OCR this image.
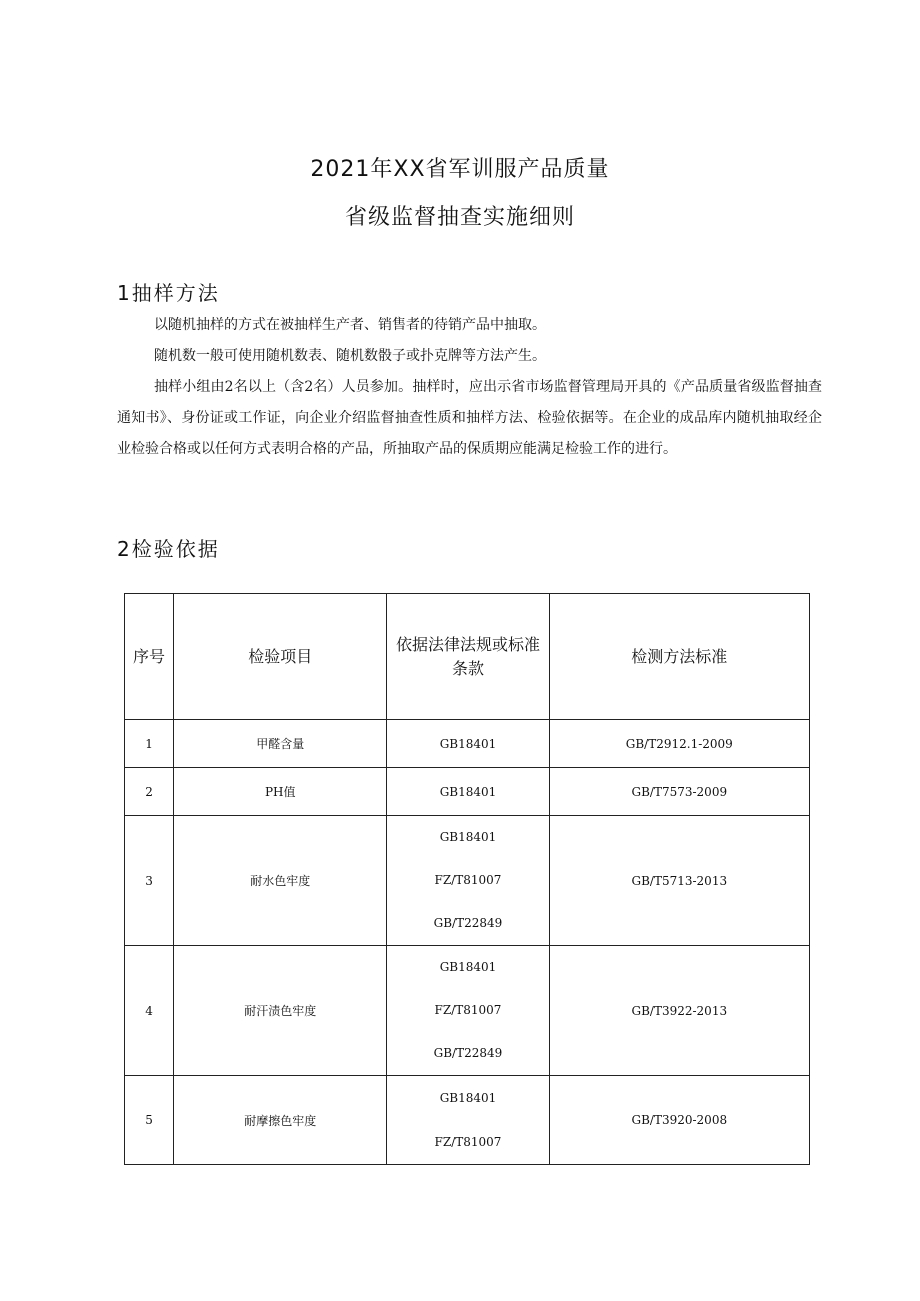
2021年XX省军训服产品质量
省级监督抽查实施细则
1抽样方法
以随机抽样的方式在被抽样生产者、销售者的待销产品中抽取。
随机数一般可使用随机数表、随机数骰子或扑克牌等方法产生。
抽样小组由2名以上（含2名）人员参加。抽样时，应出示省市场监督管理局开具的《产品质量省级监督抽查通知书》、身份证或工作证，向企业介绍监督抽查性质和抽样方法、检验依据等。在企业的成品库内随机抽取经企业检验合格或以任何方式表明合格的产品，所抽取产品的保质期应能满足检验工作的进行。
2检验依据
序号	检验项目	依据法律法规或标准条款	检测方法标准
1	甲醛含量	GB18401	GB/T2912.1-2009
2	PH值	GB18401	GB/T7573-2009
3	耐水色牢度	GB18401
FZ/T81007
GB/T22849	GB/T5713-2013
4	耐汗渍色牢度	GB18401
FZ/T81007
GB/T22849	GB/T3922-2013
5	耐摩擦色牢度	GB18401
FZ/T81007	GB/T3920-2008
